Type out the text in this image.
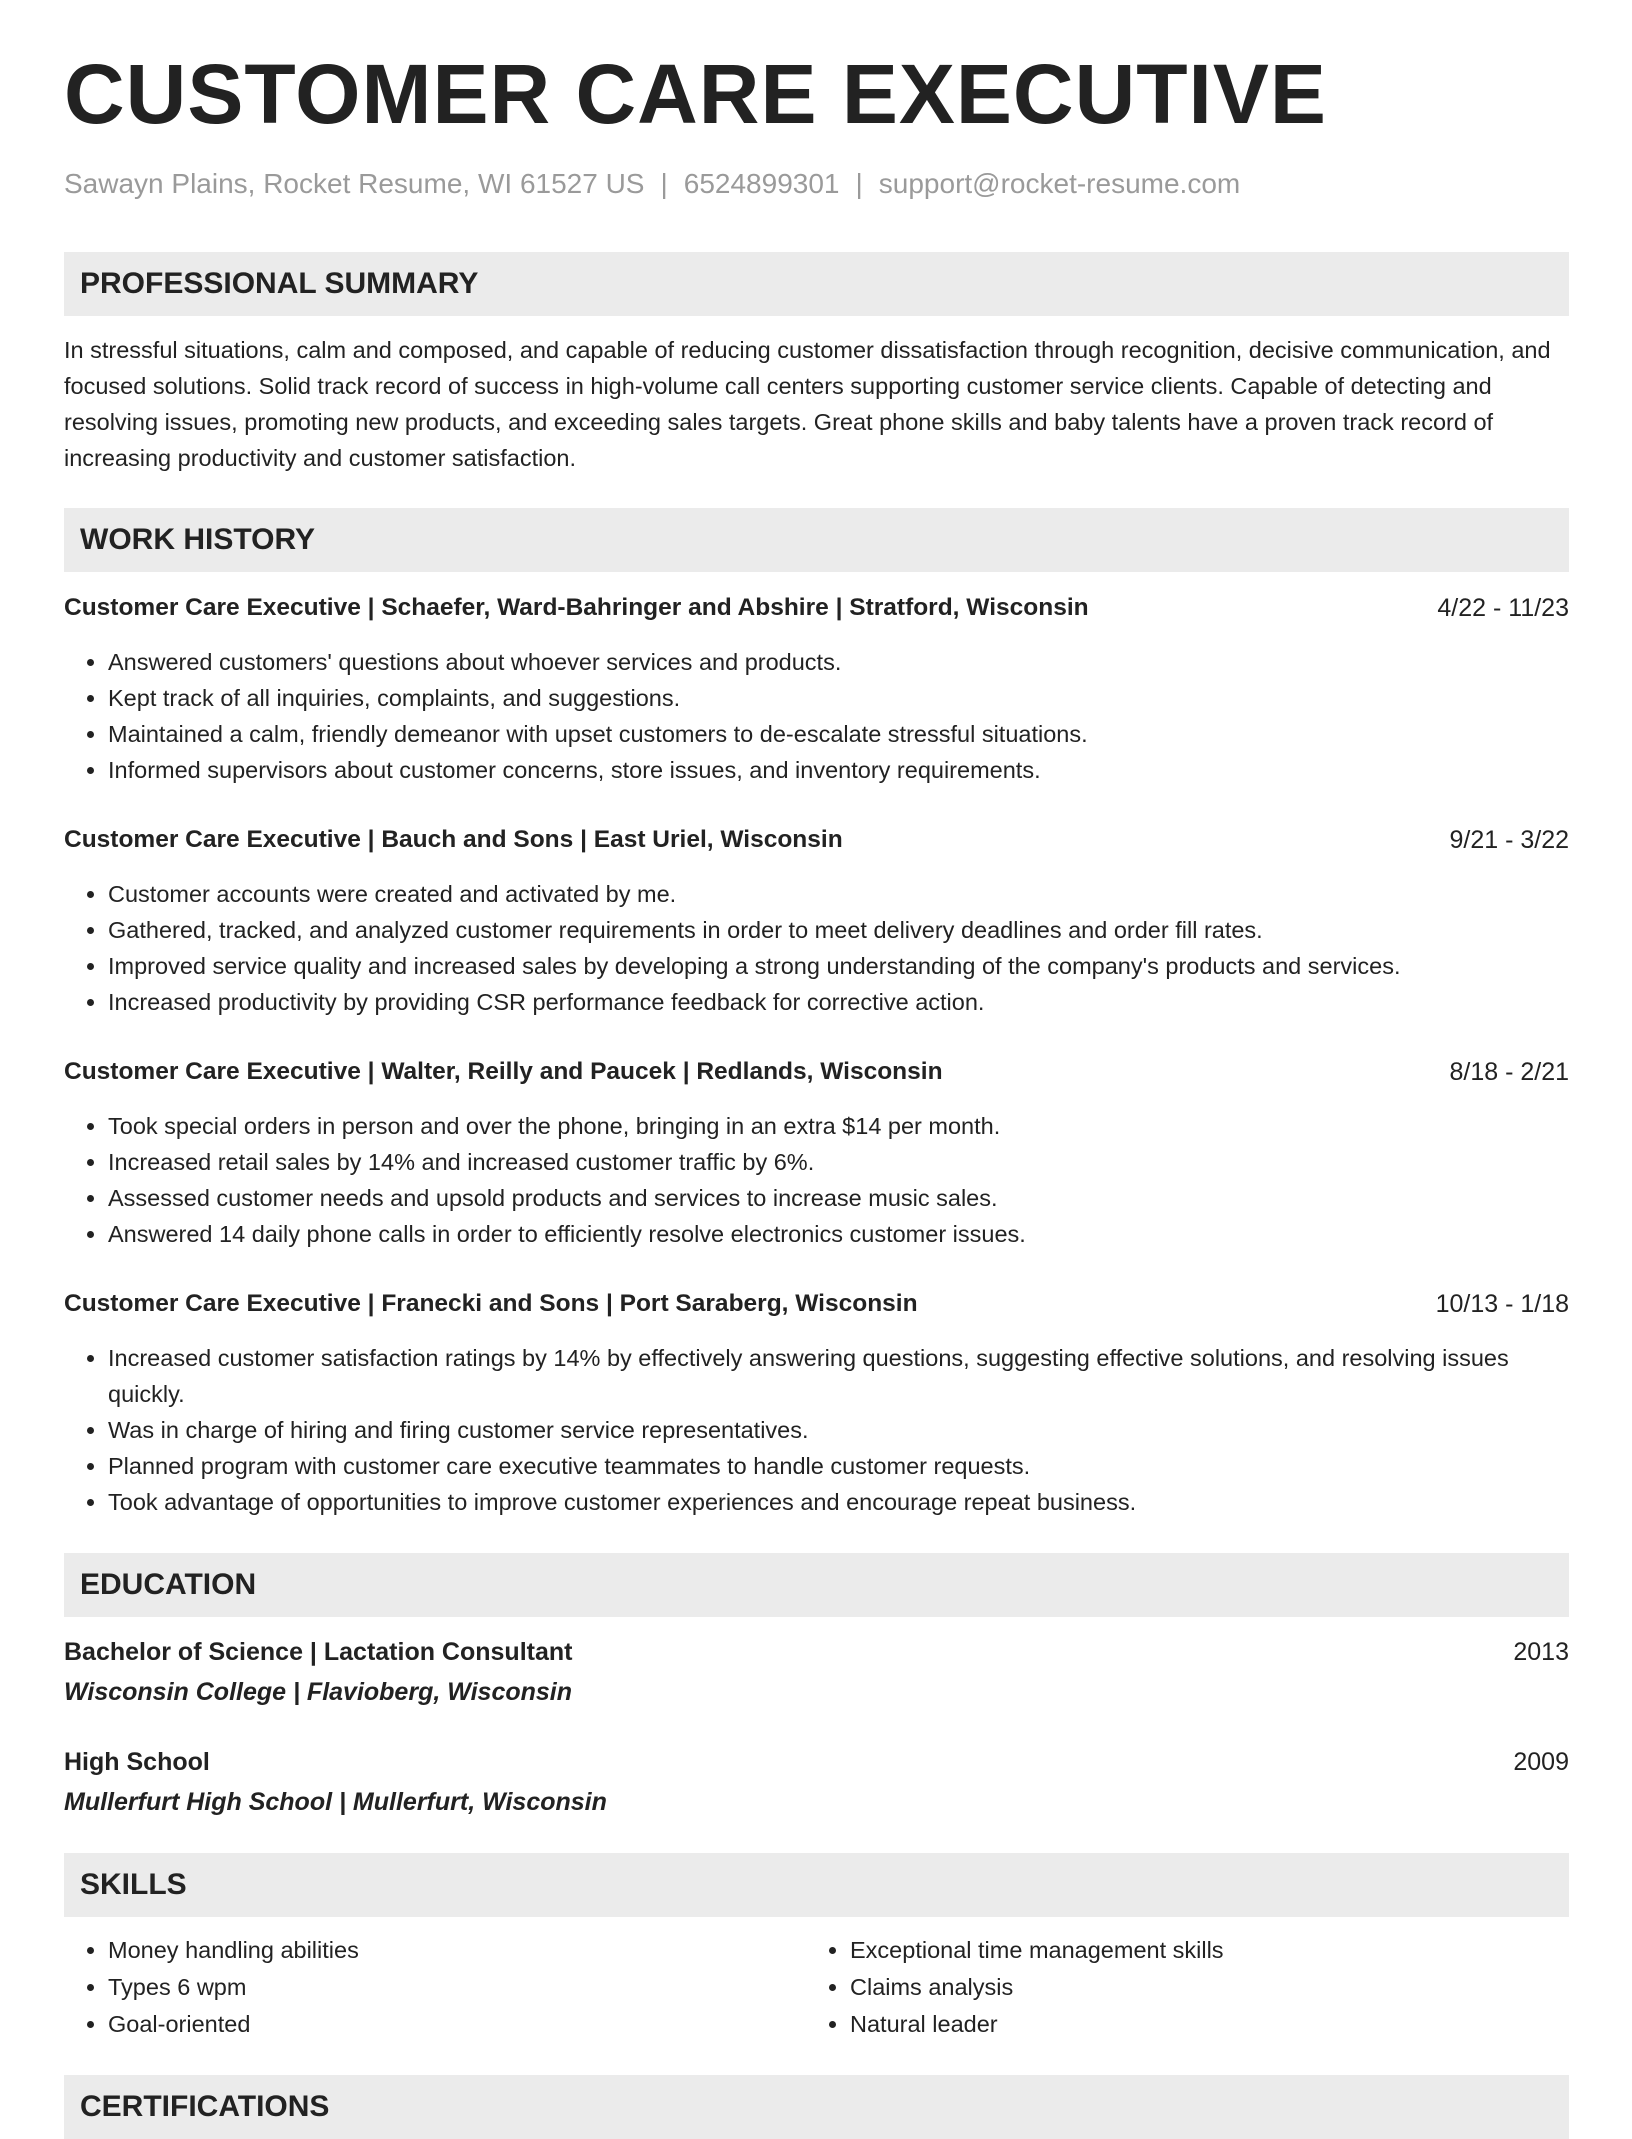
CUSTOMER CARE EXECUTIVE
Sawayn Plains, Rocket Resume, WI 61527 US | 6524899301 | support@rocket-resume.com
PROFESSIONAL SUMMARY
In stressful situations, calm and composed, and capable of reducing customer dissatisfaction through recognition, decisive communication, and focused solutions. Solid track record of success in high-volume call centers supporting customer service clients. Capable of detecting and resolving issues, promoting new products, and exceeding sales targets. Great phone skills and baby talents have a proven track record of increasing productivity and customer satisfaction.
WORK HISTORY
Customer Care Executive | Schaefer, Ward-Bahringer and Abshire | Stratford, Wisconsin	4/22 - 11/23
• Answered customers' questions about whoever services and products.
• Kept track of all inquiries, complaints, and suggestions.
• Maintained a calm, friendly demeanor with upset customers to de-escalate stressful situations.
• Informed supervisors about customer concerns, store issues, and inventory requirements.
Customer Care Executive | Bauch and Sons | East Uriel, Wisconsin	9/21 - 3/22
• Customer accounts were created and activated by me.
• Gathered, tracked, and analyzed customer requirements in order to meet delivery deadlines and order fill rates.
• Improved service quality and increased sales by developing a strong understanding of the company's products and services.
• Increased productivity by providing CSR performance feedback for corrective action.
Customer Care Executive | Walter, Reilly and Paucek | Redlands, Wisconsin	8/18 - 2/21
• Took special orders in person and over the phone, bringing in an extra $14 per month.
• Increased retail sales by 14% and increased customer traffic by 6%.
• Assessed customer needs and upsold products and services to increase music sales.
• Answered 14 daily phone calls in order to efficiently resolve electronics customer issues.
Customer Care Executive | Franecki and Sons | Port Saraberg, Wisconsin	10/13 - 1/18
• Increased customer satisfaction ratings by 14% by effectively answering questions, suggesting effective solutions, and resolving issues quickly.
• Was in charge of hiring and firing customer service representatives.
• Planned program with customer care executive teammates to handle customer requests.
• Took advantage of opportunities to improve customer experiences and encourage repeat business.
EDUCATION
Bachelor of Science | Lactation Consultant	2013
Wisconsin College | Flavioberg, Wisconsin
High School	2009
Mullerfurt High School | Mullerfurt, Wisconsin
SKILLS
• Money handling abilities
• Types 6 wpm
• Goal-oriented
• Exceptional time management skills
• Claims analysis
• Natural leader
CERTIFICATIONS
